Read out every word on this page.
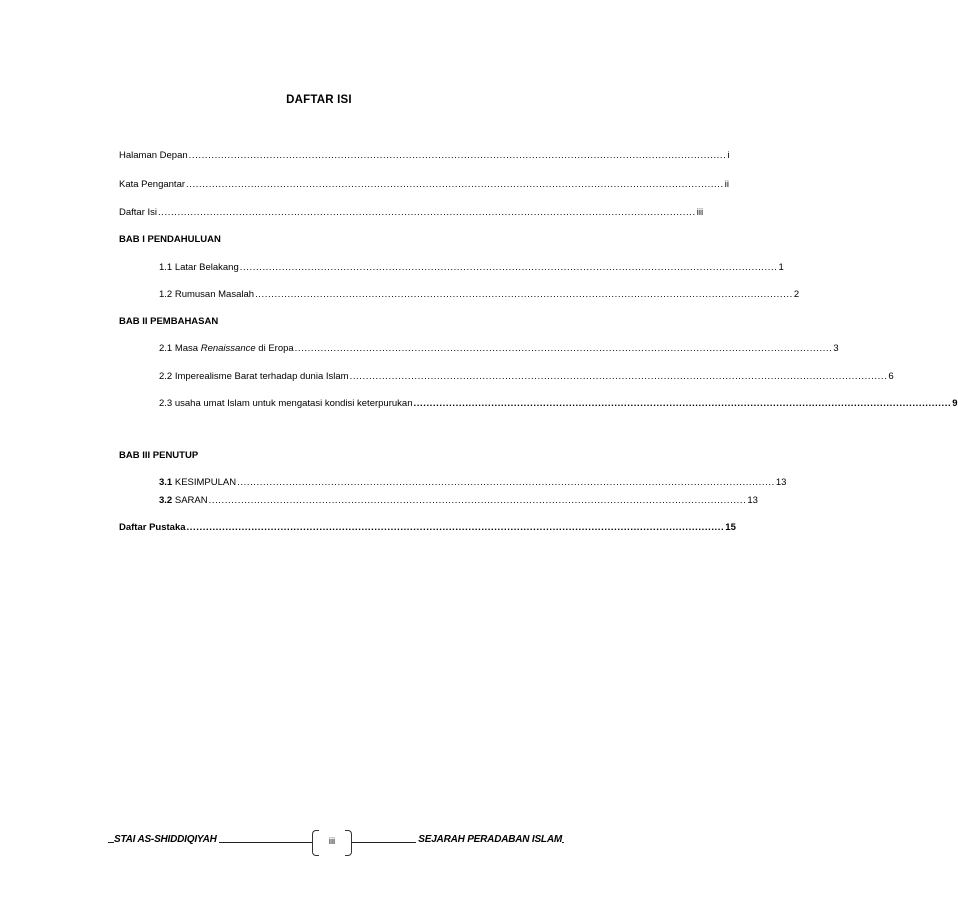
DAFTAR ISI
Halaman Depan ...................................................................................................................................................................... i
Kata Pengantar ...................................................................................................................................................................... ii
Daftar Isi ...................................................................................................................................................................... iii
BAB I PENDAHULUAN
1.1 Latar Belakang ...................................................................................................................................................................... 1
1.2 Rumusan Masalah ...................................................................................................................................................................... 2
BAB II PEMBAHASAN
2.1 Masa Renaissance di Eropa ...................................................................................................................................................................... 3
2.2 Imperealisme Barat terhadap dunia Islam ...................................................................................................................................................................... 6
2.3 usaha umat Islam untuk mengatasi kondisi keterpurukan ...................................................................................................................................................................... 9
BAB III PENUTUP
3.1 KESIMPULAN ...................................................................................................................................................................... 13
3.2 SARAN ...................................................................................................................................................................... 13
Daftar Pustaka ...................................................................................................................................................................... 15
STAI AS-SHIDDIQIYAH	iii	SEJARAH PERADABAN ISLAM
